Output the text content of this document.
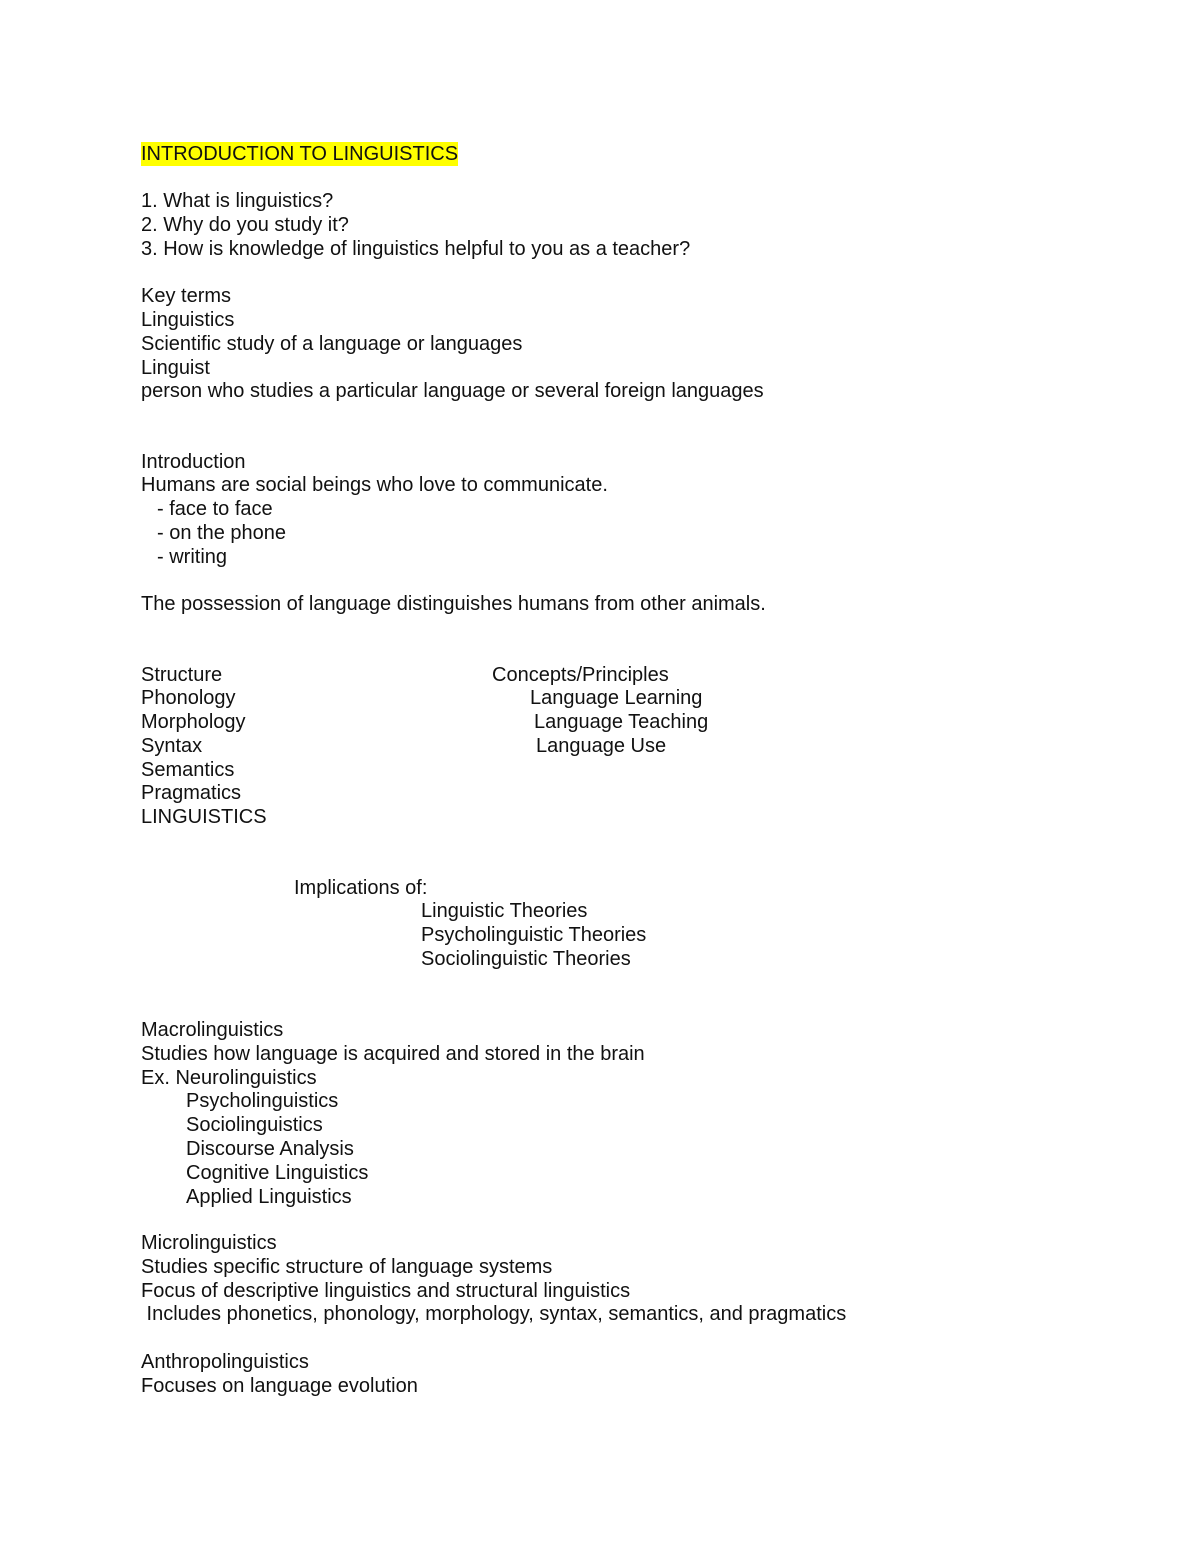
INTRODUCTION TO LINGUISTICS
1. What is linguistics?
2. Why do you study it?
3. How is knowledge of linguistics helpful to you as a teacher?
Key terms
Linguistics
Scientific study of a language or languages
Linguist
person who studies a particular language or several foreign languages
Introduction
Humans are social beings who love to communicate.
- face to face
- on the phone
- writing
The possession of language distinguishes humans from other animals.
Structure
Phonology
Morphology
Syntax
Semantics
Pragmatics
LINGUISTICS
Concepts/Principles
Language Learning
Language Teaching
Language Use
Implications of:
Linguistic Theories
Psycholinguistic Theories
Sociolinguistic Theories
Macrolinguistics
Studies how language is acquired and stored in the brain
Ex. Neurolinguistics
Psycholinguistics
Sociolinguistics
Discourse Analysis
Cognitive Linguistics
Applied Linguistics
Microlinguistics
Studies specific structure of language systems
Focus of descriptive linguistics and structural linguistics
Includes phonetics, phonology, morphology, syntax, semantics, and pragmatics
Anthropolinguistics
Focuses on language evolution
